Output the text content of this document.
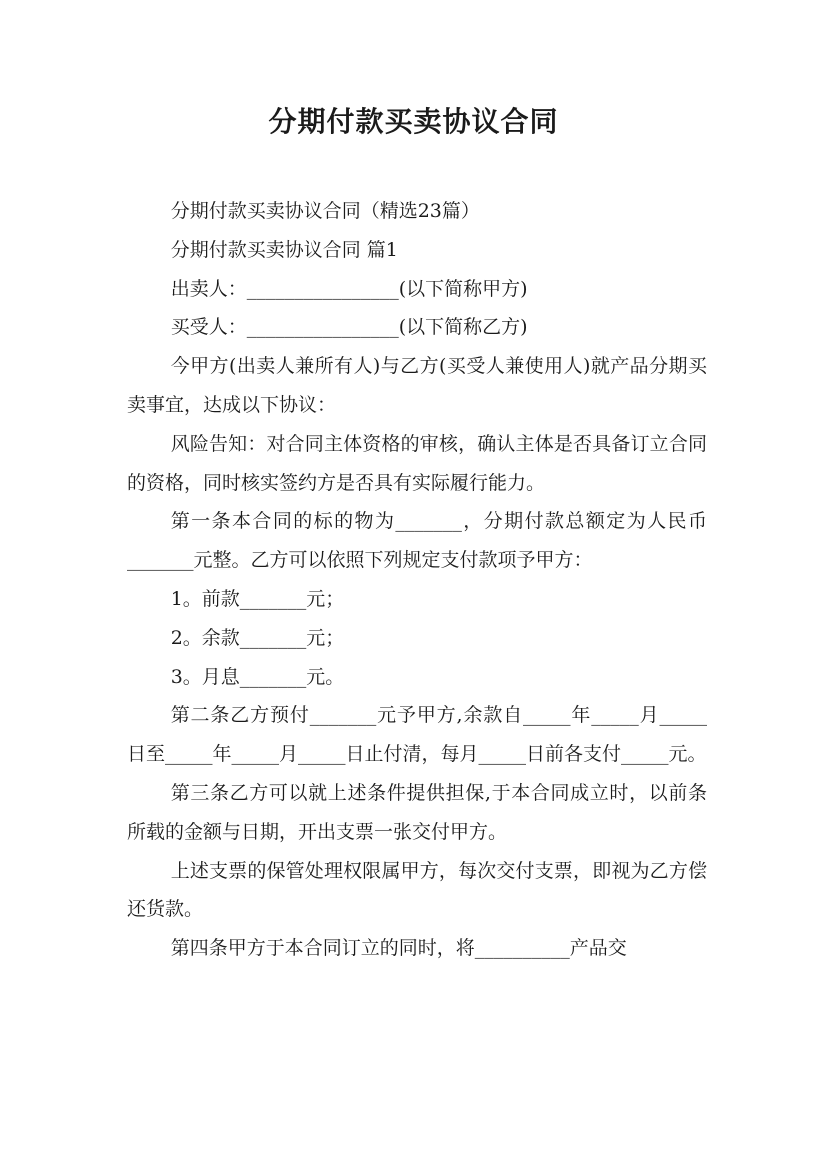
分期付款买卖协议合同

分期付款买卖协议合同（精选23篇）

分期付款买卖协议合同 篇1

出卖人：________________(以下简称甲方)

买受人：________________(以下简称乙方)

今甲方(出卖人兼所有人)与乙方(买受人兼使用人)就产品分期买卖事宜，达成以下协议：

风险告知：对合同主体资格的审核，确认主体是否具备订立合同的资格，同时核实签约方是否具有实际履行能力。

第一条本合同的标的物为_______，分期付款总额定为人民币_______元整。乙方可以依照下列规定支付款项予甲方：

1。前款_______元；

2。余款_______元；

3。月息_______元。

第二条乙方预付_______元予甲方,余款自_____年_____月_____日至_____年_____月_____日止付清，每月_____日前各支付_____元。

第三条乙方可以就上述条件提供担保,于本合同成立时，以前条所载的金额与日期，开出支票一张交付甲方。

上述支票的保管处理权限属甲方，每次交付支票，即视为乙方偿还货款。

第四条甲方于本合同订立的同时，将__________产品交
